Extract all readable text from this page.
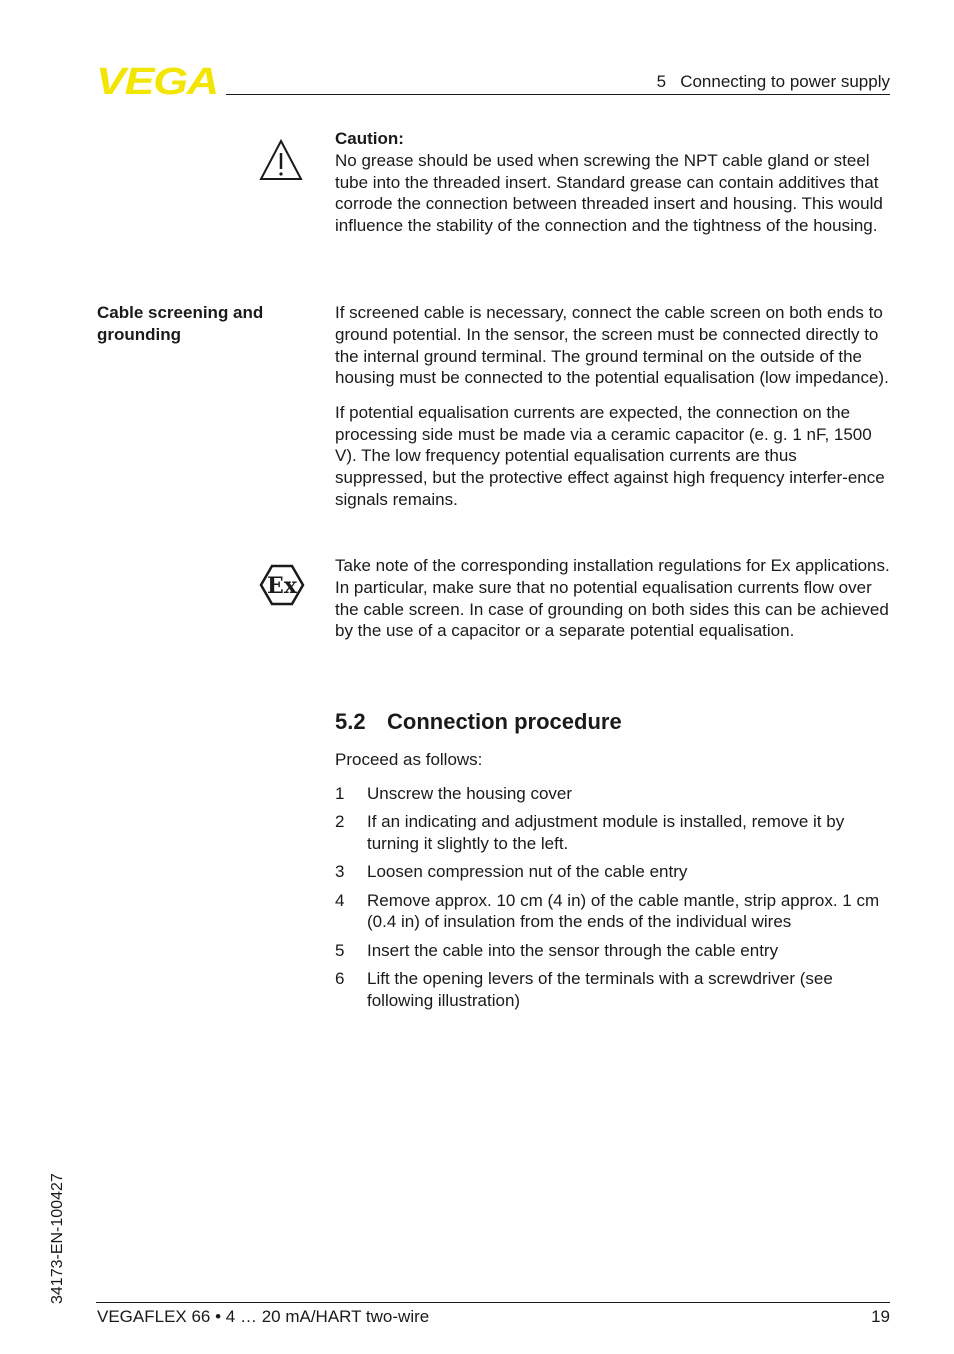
VEGA	5   Connecting to power supply

Caution:

No grease should be used when screwing the NPT cable gland or steel tube into the threaded insert. Standard grease can contain additives that corrode the connection between threaded insert and housing. This would influence the stability of the connection and the tightness of the housing.

Cable screening and grounding

If screened cable is necessary, connect the cable screen on both ends to ground potential. In the sensor, the screen must be connected directly to the internal ground terminal. The ground terminal on the outside of the housing must be connected to the potential equalisation (low impedance).

If potential equalisation currents are expected, the connection on the processing side must be made via a ceramic capacitor (e. g. 1 nF, 1500 V). The low frequency potential equalisation currents are thus suppressed, but the protective effect against high frequency interfer-ence signals remains.

Ex
Take note of the corresponding installation regulations for Ex applications. In particular, make sure that no potential equalisation currents flow over the cable screen. In case of grounding on both sides this can be achieved by the use of a capacitor or a separate potential equalisation.
5.2 Connection procedure
Proceed as follows:
1	Unscrew the housing cover
2	If an indicating and adjustment module is installed, remove it by turning it slightly to the left.
3	Loosen compression nut of the cable entry
4	Remove approx. 10 cm (4 in) of the cable mantle, strip approx. 1 cm (0.4 in) of insulation from the ends of the individual wires
5	Insert the cable into the sensor through the cable entry
6	Lift the opening levers of the terminals with a screwdriver (see following illustration)
34173-EN-100427
VEGAFLEX 66 • 4 … 20 mA/HART two-wire	19
